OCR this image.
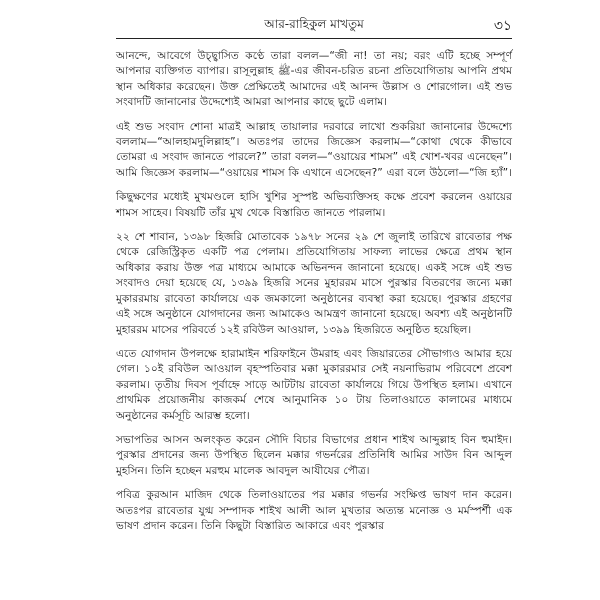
আর-রাহিকুল মাখতুম	৩১

আনন্দে, আবেগে উচ্ছ্বাসিত কণ্ঠে তারা বলল—“জী না! তা নয়; বরং এটি হচ্ছে সম্পূর্ণ আপনার ব্যক্তিগত ব্যাপার। রাসূলুল্লাহ ﷺ-এর জীবন-চরিত রচনা প্রতিযোগিতায় আপনি প্রথম স্থান অধিকার করেছেন। উক্ত প্রেক্ষিতেই আমাদের এই আনন্দ উল্লাস ও শোরগোল। এই শুভ সংবাদটি জানানোর উদ্দেশ্যেই আমরা আপনার কাছে ছুটে এলাম।

এই শুভ সংবাদ শোনা মাত্রই আল্লাহ তায়ালার দরবারে লাখো শুকরিয়া জানানোর উদ্দেশ্যে বললাম—“আলহামদুলিল্লাহ”। অতঃপর তাদের জিজ্ঞেস করলাম—“কোথা থেকে কীভাবে তোমরা এ সংবাদ জানতে পারলে?” তারা বলল—“ওয়ায়ের শামস” এই খোশ-খবর এনেছেন”। আমি জিজ্ঞেস করলাম—“ওয়ায়ের শামস কি এখানে এসেছেন?” এরা বলে উঠলো—“জি হ্যাঁ”।

কিছুক্ষণের মধ্যেই মুখমণ্ডলে হাসি খুশির সুস্পষ্ট অভিব্যক্তিসহ কক্ষে প্রবেশ করলেন ওয়ায়ের শামস সাহেব। বিষয়টি তাঁর মুখ থেকে বিস্তারিত জানতে পারলাম।

২২ শে শাবান, ১৩৯৮ হিজরি মোতাবেক ১৯৭৮ সনের ২৯ শে জুলাই তারিখে রাবেতার পক্ষ থেকে রেজিস্ট্রিকৃত একটি পত্র পেলাম। প্রতিযোগিতায় সাফল্য লাভের ক্ষেত্রে প্রথম স্থান অধিকার করায় উক্ত পত্র মাধ্যমে আমাকে অভিনন্দন জানানো হয়েছে। একই সঙ্গে এই শুভ সংবাদও দেয়া হয়েছে যে, ১৩৯৯ হিজরি সনের মুহাররম মাসে পুরস্কার বিতরণের জন্যে মক্কা মুকাররমায় রাবেতা কার্যালয়ে এক জমকালো অনুষ্ঠানের ব্যবস্থা করা হয়েছে। পুরস্কার গ্রহণের এই সঙ্গে অনুষ্ঠানে যোগদানের জন্য আমাকেও আমন্ত্রণ জানানো হয়েছে। অবশ্য এই অনুষ্ঠানটি মুহাররম মাসের পরিবর্তে ১২ই রবিউল আওয়াল, ১৩৯৯ হিজরিতে অনুষ্ঠিত হয়েছিল।

এতে যোগদান উপলক্ষে হারামাইন শরিফাইনে উমরাহ এবং জিয়ারতের সৌভাগ্যও আমার হয়ে গেল। ১০ই রবিউল আওয়াল বৃহস্পতিবার মক্কা মুকাররমার সেই নয়নাভিরাম পরিবেশে প্রবেশ করলাম। তৃতীয় দিবস পূর্বাহ্নে সাড়ে আটটায় রাবেতা কার্যালয়ে গিয়ে উপস্থিত হলাম। এখানে প্রাথমিক প্রয়োজনীয় কাজকর্ম শেষে আনুমানিক ১০ টায় তিলাওয়াতে কালামের মাধ্যমে অনুষ্ঠানের কর্মসূচি আরম্ভ হলো।

সভাপতির আসন অলংকৃত করেন সৌদি বিচার বিভাগের প্রধান শাইখ আব্দুল্লাহ বিন হুমাইদ। পুরস্কার প্রদানের জন্য উপস্থিত ছিলেন মক্কার গভর্নরের প্রতিনিধি আমির সাউদ বিন আব্দুল মুহসিন। তিনি হচ্ছেন মরহুম মালেক আবদুল আযীযের পৌত্র।

পবিত্র কুরআন মাজিদ থেকে তিলাওয়াতের পর মক্কার গভর্নর সংক্ষিপ্ত ভাষণ দান করেন। অতঃপর রাবেতার যুগ্ম সম্পাদক শাইখ আলী আল মুখতার অত্যন্ত মনোজ্ঞ ও মর্মস্পর্শী এক ভাষণ প্রদান করেন। তিনি কিছুটা বিস্তারিত আকারে এবং পুরস্কার
